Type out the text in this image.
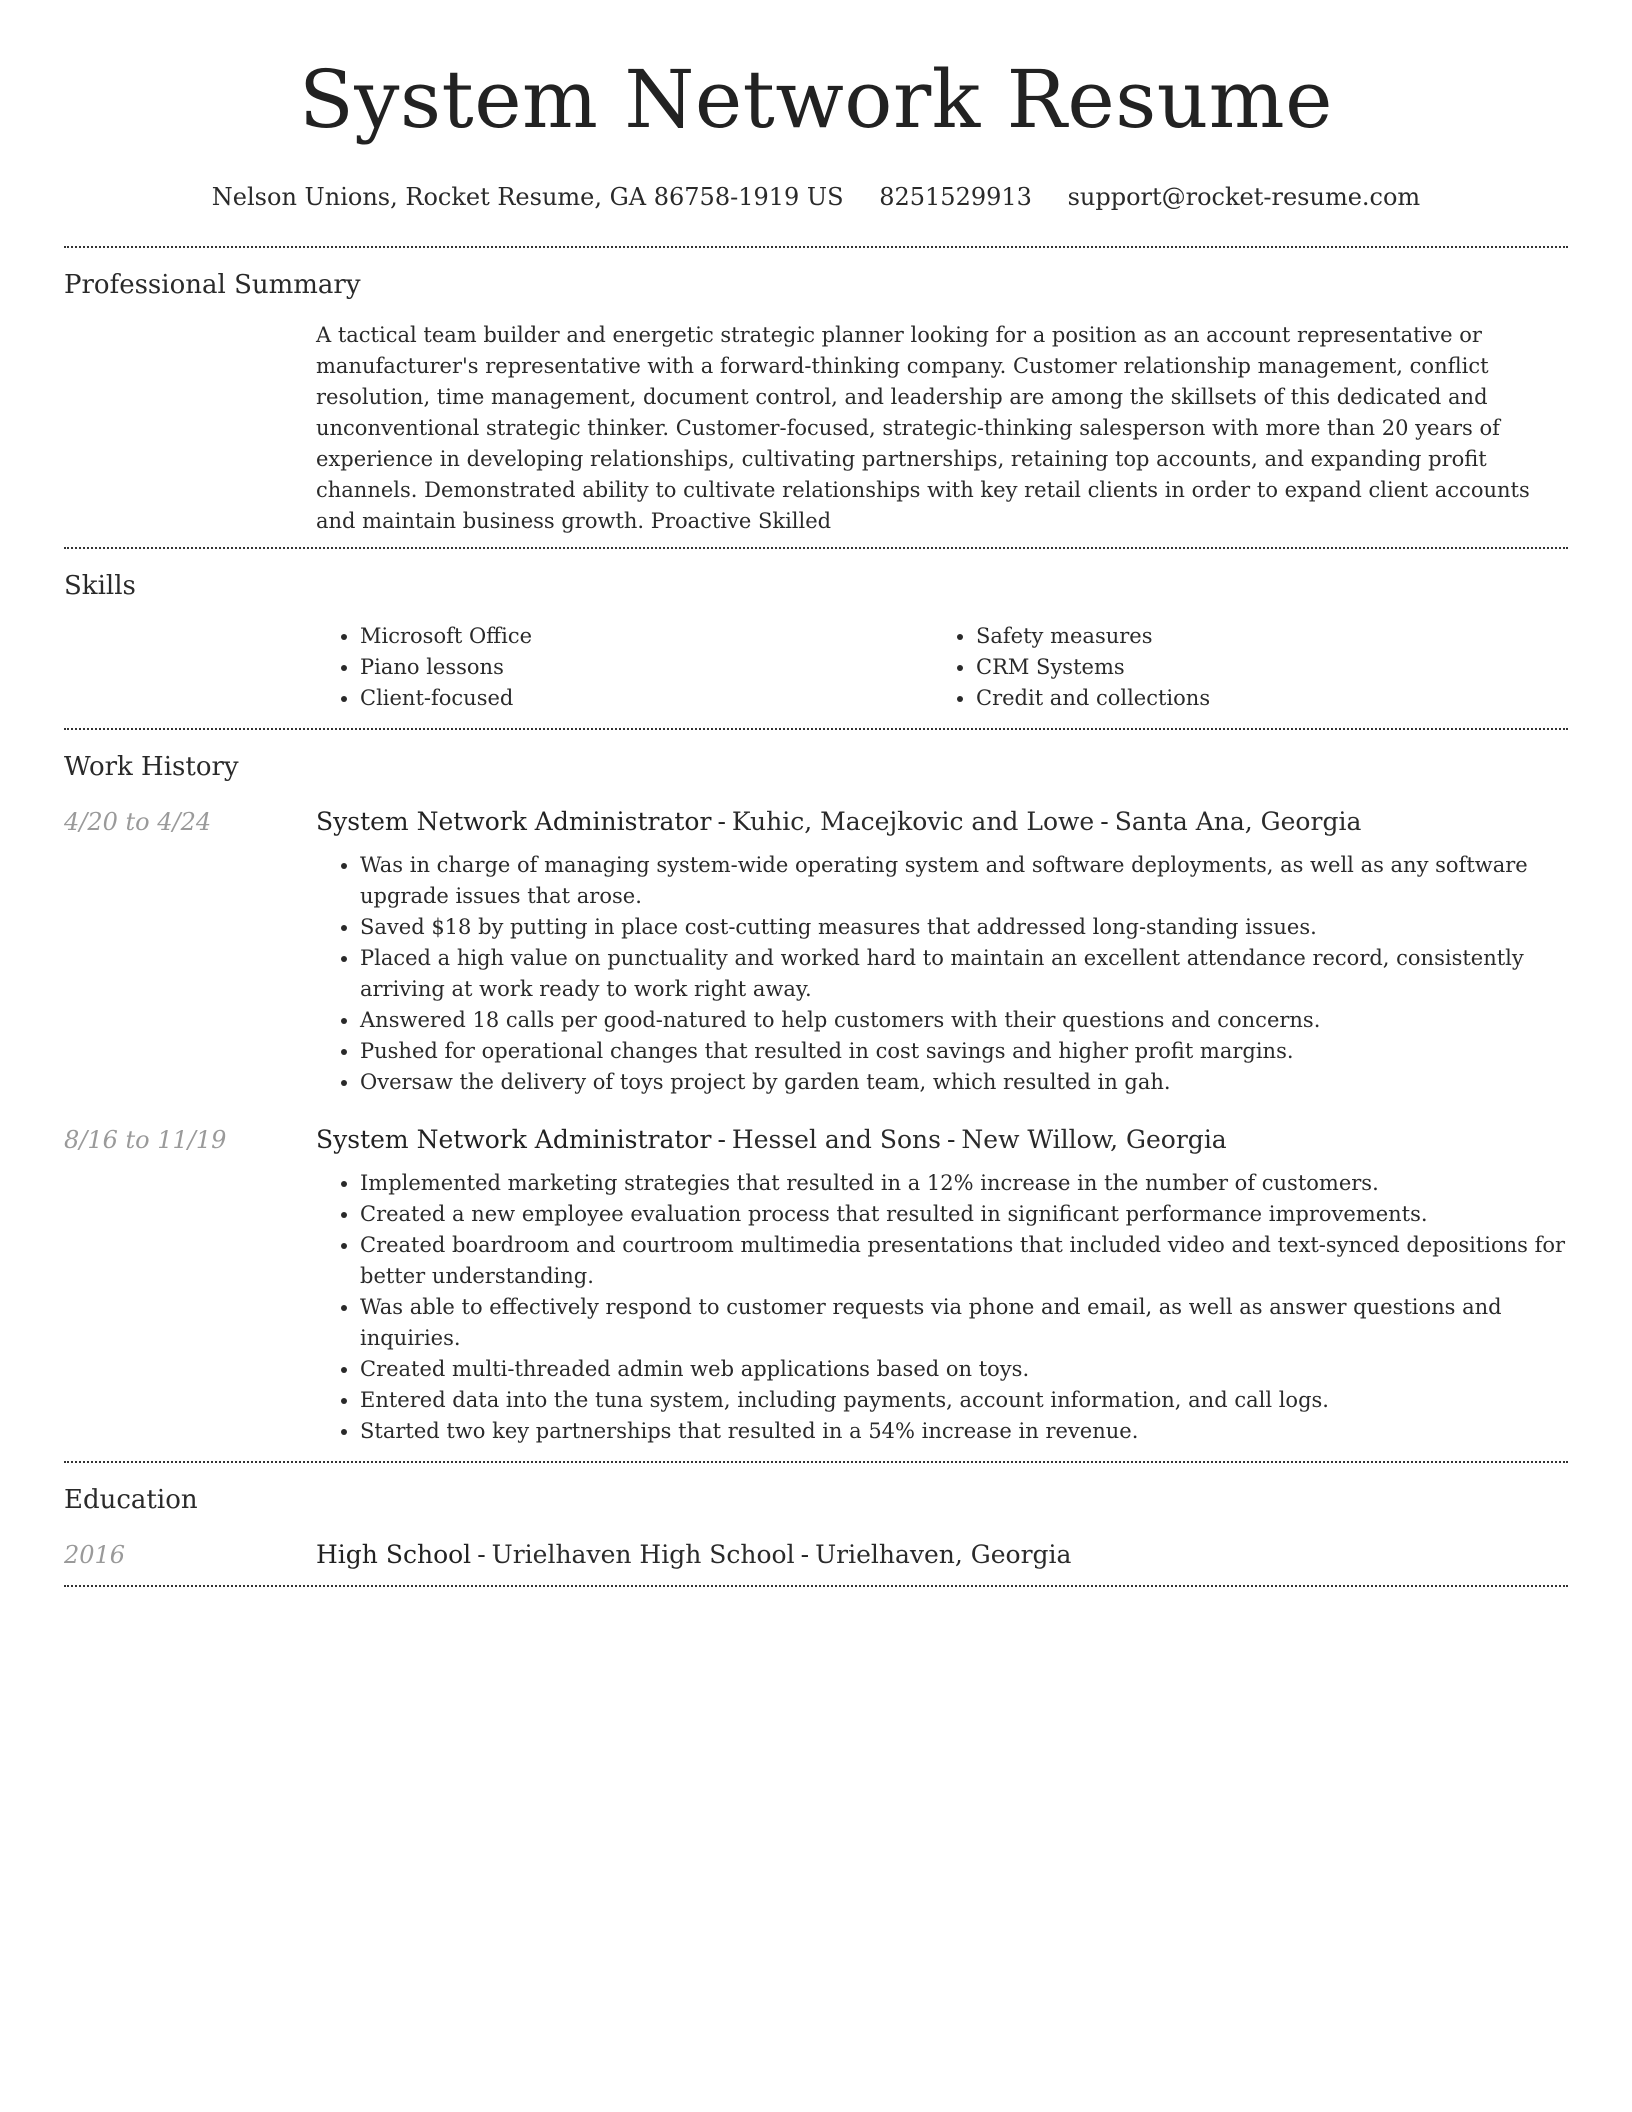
System Network Resume
Nelson Unions, Rocket Resume, GA 86758-1919 US 8251529913 support@rocket-resume.com
Professional Summary

A tactical team builder and energetic strategic planner looking for a position as an account representative or manufacturer's representative with a forward-thinking company. Customer relationship management, conflict resolution, time management, document control, and leadership are among the skillsets of this dedicated and unconventional strategic thinker. Customer-focused, strategic-thinking salesperson with more than 20 years of experience in developing relationships, cultivating partnerships, retaining top accounts, and expanding profit channels. Demonstrated ability to cultivate relationships with key retail clients in order to expand client accounts and maintain business growth. Proactive Skilled

Skills
• Microsoft Office
• Piano lessons
• Client-focused
• Safety measures
• CRM Systems
• Credit and collections
Work History
4/20 to 4/24	System Network Administrator - Kuhic, Macejkovic and Lowe - Santa Ana, Georgia
• Was in charge of managing system-wide operating system and software deployments, as well as any software upgrade issues that arose.
• Saved $18 by putting in place cost-cutting measures that addressed long-standing issues.
• Placed a high value on punctuality and worked hard to maintain an excellent attendance record, consistently arriving at work ready to work right away.
• Answered 18 calls per good-natured to help customers with their questions and concerns.
• Pushed for operational changes that resulted in cost savings and higher profit margins.
• Oversaw the delivery of toys project by garden team, which resulted in gah.
8/16 to 11/19	System Network Administrator - Hessel and Sons - New Willow, Georgia
• Implemented marketing strategies that resulted in a 12% increase in the number of customers.
• Created a new employee evaluation process that resulted in significant performance improvements.
• Created boardroom and courtroom multimedia presentations that included video and text-synced depositions for better understanding.
• Was able to effectively respond to customer requests via phone and email, as well as answer questions and inquiries.
• Created multi-threaded admin web applications based on toys.
• Entered data into the tuna system, including payments, account information, and call logs.
• Started two key partnerships that resulted in a 54% increase in revenue.
Education
2016	High School - Urielhaven High School - Urielhaven, Georgia
